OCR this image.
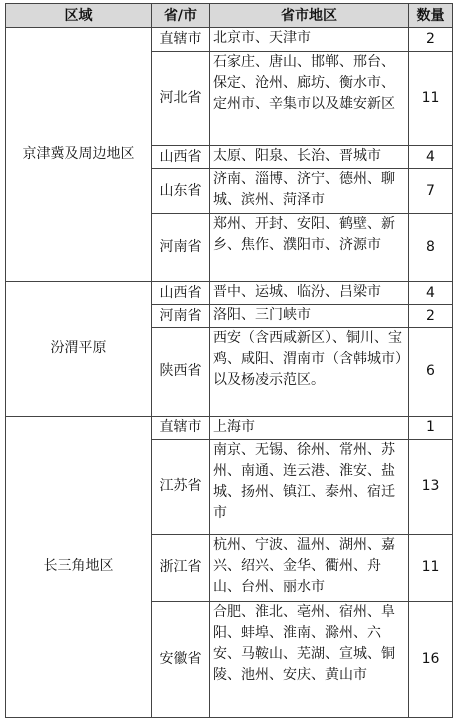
区域	省/市	省市地区	数量
京津冀及周边地区	直辖市	北京市、天津市	2
	河北省	石家庄、唐山、邯郸、邢台、保定、沧州、廊坊、衡水市、定州市、辛集市以及雄安新区	11
	山西省	太原、阳泉、长治、晋城市	4
	山东省	济南、淄博、济宁、德州、聊城、滨州、菏泽市	7
	河南省	郑州、开封、安阳、鹤壁、新乡、焦作、濮阳市、济源市	8
汾渭平原	山西省	晋中、运城、临汾、吕梁市	4
	河南省	洛阳、三门峡市	2
	陕西省	西安（含西咸新区）、铜川、宝鸡、咸阳、渭南市（含韩城市）以及杨凌示范区。	6
长三角地区	直辖市	上海市	1
	江苏省	南京、无锡、徐州、常州、苏州、南通、连云港、淮安、盐城、扬州、镇江、泰州、宿迁市	13
	浙江省	杭州、宁波、温州、湖州、嘉兴、绍兴、金华、衢州、舟山、台州、丽水市	11
	安徽省	合肥、淮北、亳州、宿州、阜阳、蚌埠、淮南、滁州、六安、马鞍山、芜湖、宣城、铜陵、池州、安庆、黄山市	16
